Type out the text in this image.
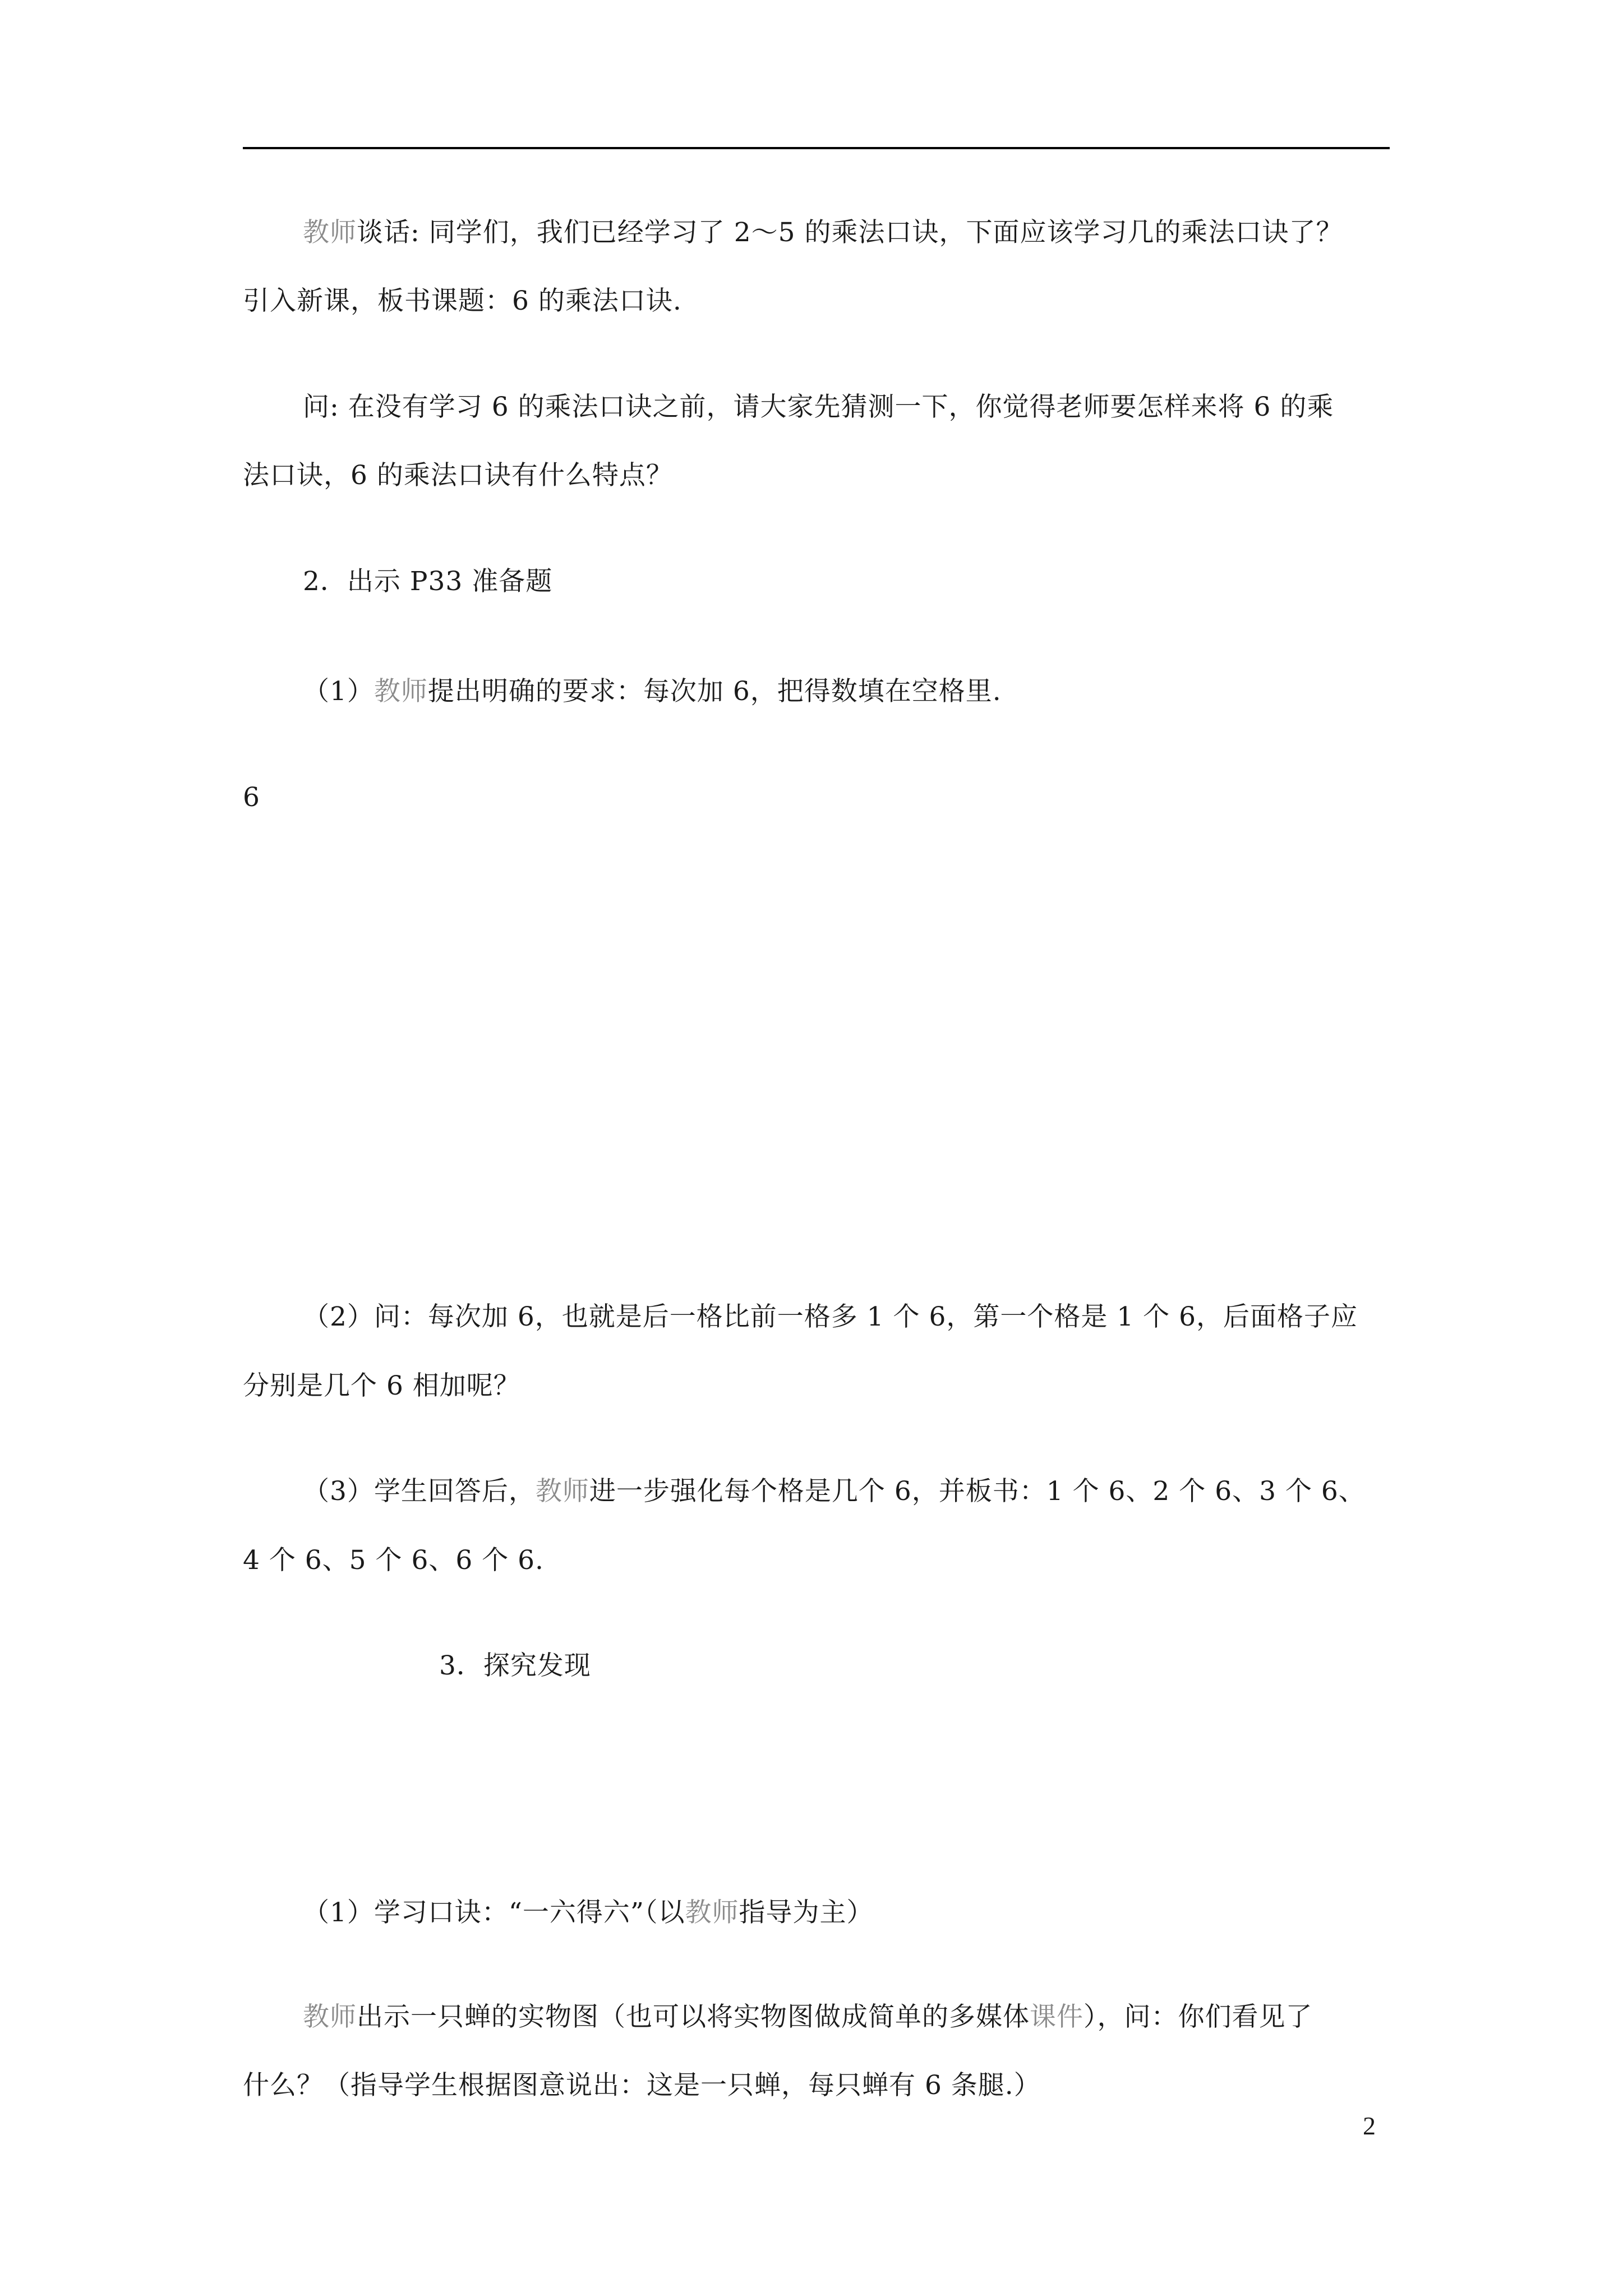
教师谈话: 同学们，我们已经学习了 2～5 的乘法口诀，下面应该学习几的乘法口诀了？
引入新课，板书课题：6 的乘法口诀.
问: 在没有学习 6 的乘法口诀之前，请大家先猜测一下，你觉得老师要怎样来将 6 的乘
法口诀，6 的乘法口诀有什么特点？
2．出示 P33 准备题
（1）教师提出明确的要求：每次加 6，把得数填在空格里.
6
（2）问：每次加 6，也就是后一格比前一格多 1 个 6，第一个格是 1 个 6，后面格子应
分别是几个 6 相加呢？
（3）学生回答后，教师进一步强化每个格是几个 6，并板书：1 个 6、2 个 6、3 个 6、
4 个 6、5 个 6、6 个 6.
3．探究发现
（1）学习口诀：“一六得六”（以教师指导为主）
教师出示一只蝉的实物图（也可以将实物图做成简单的多媒体课件），问：你们看见了
什么？（指导学生根据图意说出：这是一只蝉，每只蝉有 6 条腿.）
2
